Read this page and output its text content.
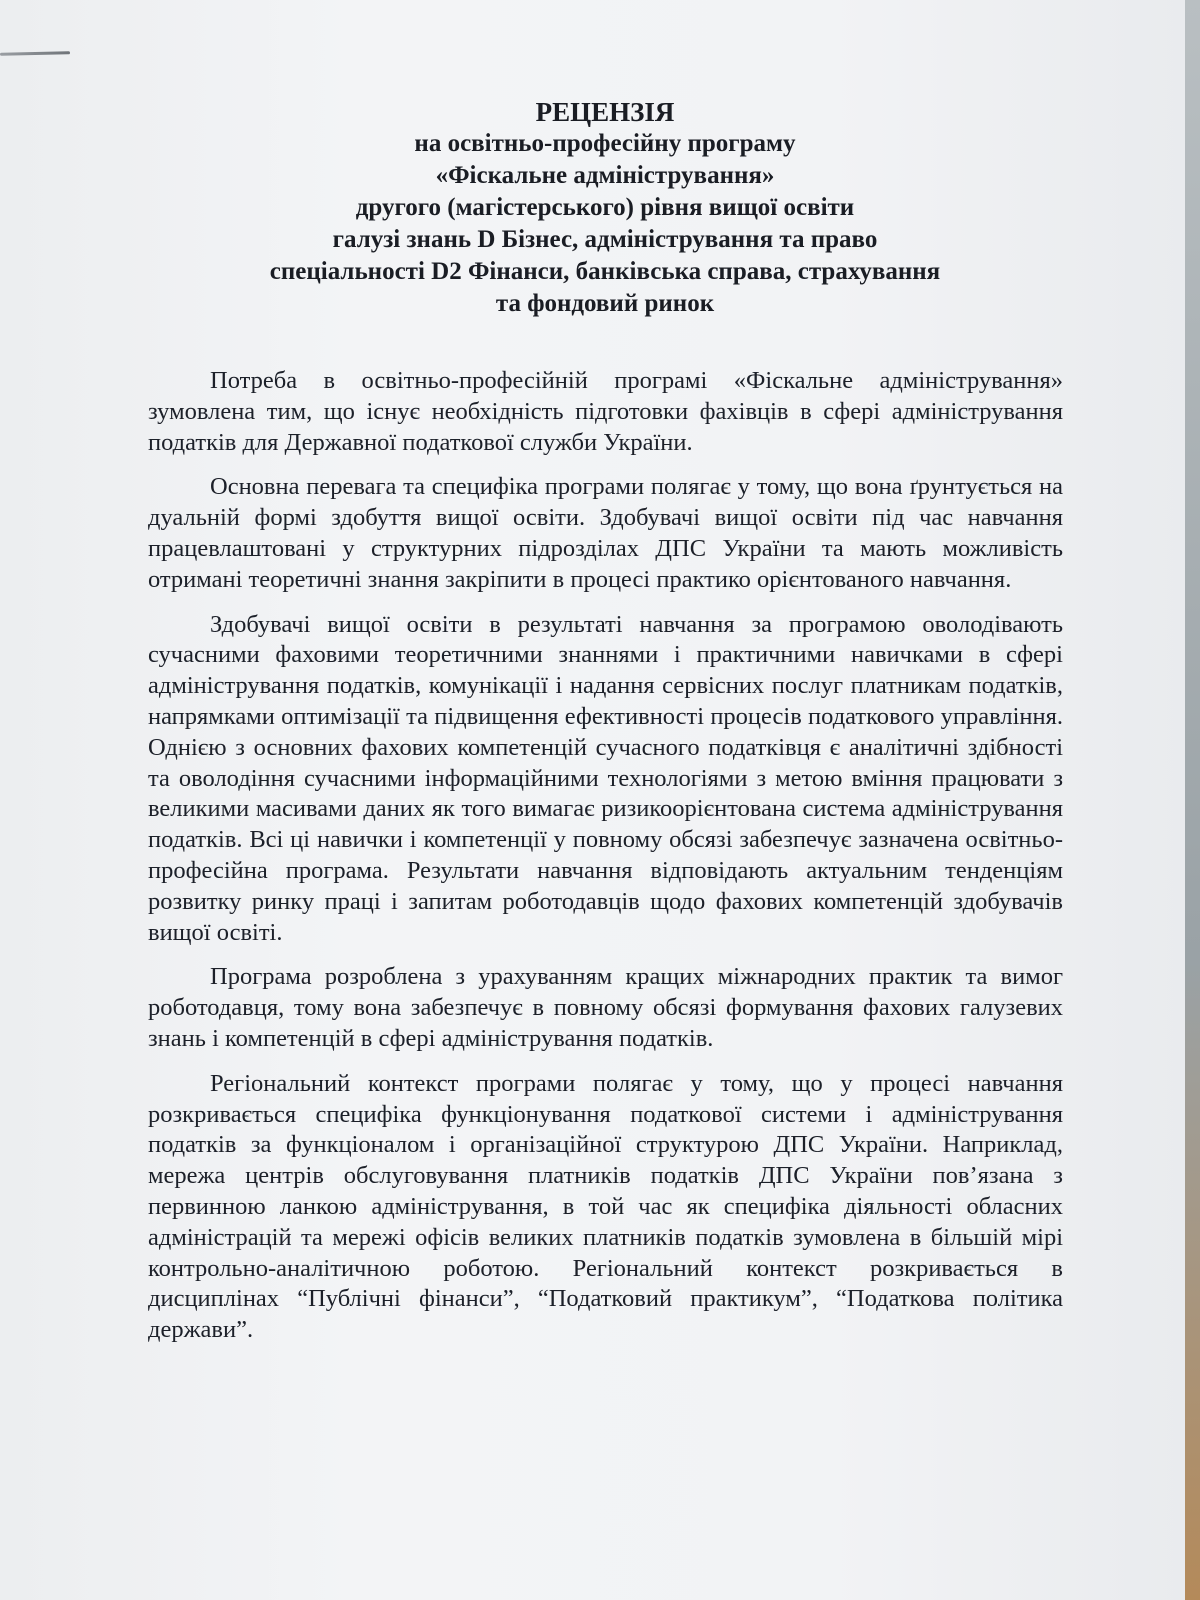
РЕЦЕНЗІЯ
на освітньо-професійну програму
«Фіскальне адміністрування»
другого (магістерського) рівня вищої освіти
галузі знань D Бізнес, адміністрування та право
спеціальності D2 Фінанси, банківська справа, страхування
та фондовий ринок

Потреба в освітньо-професійній програмі «Фіскальне адміністрування» зумовлена тим, що існує необхідність підготовки фахівців в сфері адміністрування податків для Державної податкової служби України.

Основна перевага та специфіка програми полягає у тому, що вона ґрунтується на дуальній формі здобуття вищої освіти. Здобувачі вищої освіти під час навчання працевлаштовані у структурних підрозділах ДПС України та мають можливість отримані теоретичні знання закріпити в процесі практико орієнтованого навчання.

Здобувачі вищої освіти в результаті навчання за програмою оволодівають сучасними фаховими теоретичними знаннями і практичними навичками в сфері адміністрування податків, комунікації і надання сервісних послуг платникам податків, напрямками оптимізації та підвищення ефективності процесів податкового управління. Однією з основних фахових компетенцій сучасного податківця є аналітичні здібності та оволодіння сучасними інформаційними технологіями з метою вміння працювати з великими масивами даних як того вимагає ризикоорієнтована система адміністрування податків. Всі ці навички і компетенції у повному обсязі забезпечує зазначена освітньо-професійна програма. Результати навчання відповідають актуальним тенденціям розвитку ринку праці і запитам роботодавців щодо фахових компетенцій здобувачів вищої освіті.

Програма розроблена з урахуванням кращих міжнародних практик та вимог роботодавця, тому вона забезпечує в повному обсязі формування фахових галузевих знань і компетенцій в сфері адміністрування податків.

Регіональний контекст програми полягає у тому, що у процесі навчання розкривається специфіка функціонування податкової системи і адміністрування податків за функціоналом і організаційної структурою ДПС України. Наприклад, мережа центрів обслуговування платників податків ДПС України пов’язана з первинною ланкою адміністрування, в той час як специфіка діяльності обласних адміністрацій та мережі офісів великих платників податків зумовлена в більшій мірі контрольно-аналітичною роботою. Регіональний контекст розкривається в дисциплінах “Публічні фінанси”, “Податковий практикум”, “Податкова політика держави”.
